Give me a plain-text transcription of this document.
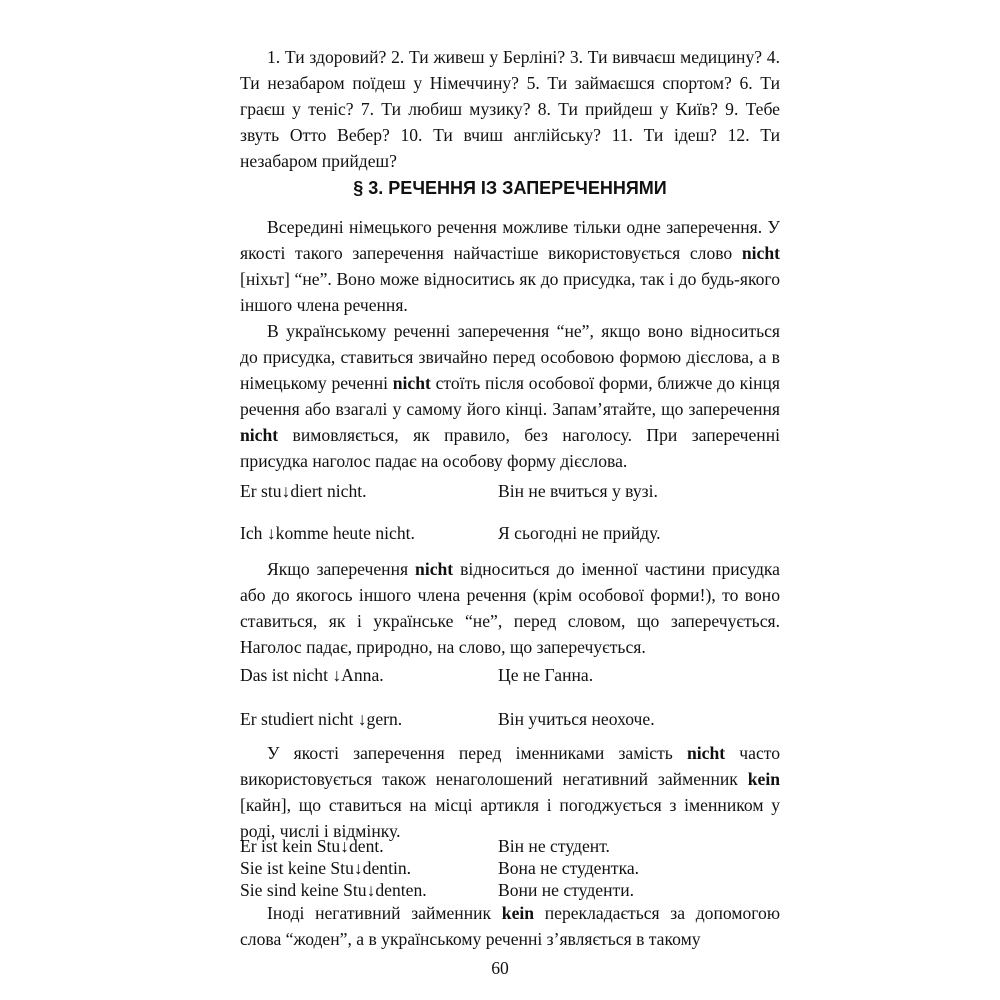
1. Ти здоровий? 2. Ти живеш у Берліні? 3. Ти вивчаєш медицину? 4. Ти незабаром поїдеш у Німеччину? 5. Ти займаєшся спортом? 6. Ти граєш у теніс? 7. Ти любиш музику? 8. Ти прийдеш у Київ? 9. Тебе звуть Отто Вебер? 10. Ти вчиш англійську? 11. Ти ідеш? 12. Ти незабаром прийдеш?

§ 3. РЕЧЕННЯ ІЗ ЗАПЕРЕЧЕННЯМИ

Всередині німецького речення можливе тільки одне заперечення. У якості такого заперечення найчастіше використовується слово nicht [ніхьт] “не”. Воно може відноситись як до присудка, так і до будь-якого іншого члена речення.

В українському реченні заперечення “не”, якщо воно відноситься до присудка, ставиться звичайно перед особовою формою дієслова, а в німецькому реченні nicht стоїть після особової форми, ближче до кінця речення або взагалі у самому його кінці. Запам’ятайте, що заперечення nicht вимовляється, як правило, без наголосу. При запереченні присудка наголос падає на особову форму дієслова.

Er stu↓diert nicht.	Він не вчиться у вузі.
Ich ↓komme heute nicht.	Я сьогодні не прийду.

Якщо заперечення nicht відноситься до іменної частини присудка або до якогось іншого члена речення (крім особової форми!), то воно ставиться, як і українське “не”, перед словом, що заперечується. Наголос падає, природно, на слово, що заперечується.

Das ist nicht ↓Anna.	Це не Ганна.
Er studiert nicht ↓gern.	Він учиться неохоче.

У якості заперечення перед іменниками замість nicht часто використовується також ненаголошений негативний займенник kein [кайн], що ставиться на місці артикля і погоджується з іменником у роді, числі і відмінку.

Er ist kein Stu↓dent.	Він не студент.
Sie ist keine Stu↓dentin.	Вона не студентка.
Sie sind keine Stu↓denten.	Вони не студенти.

Іноді негативний займенник kein перекладається за допомогою слова “жоден”, а в українському реченні з’являється в такому

60
